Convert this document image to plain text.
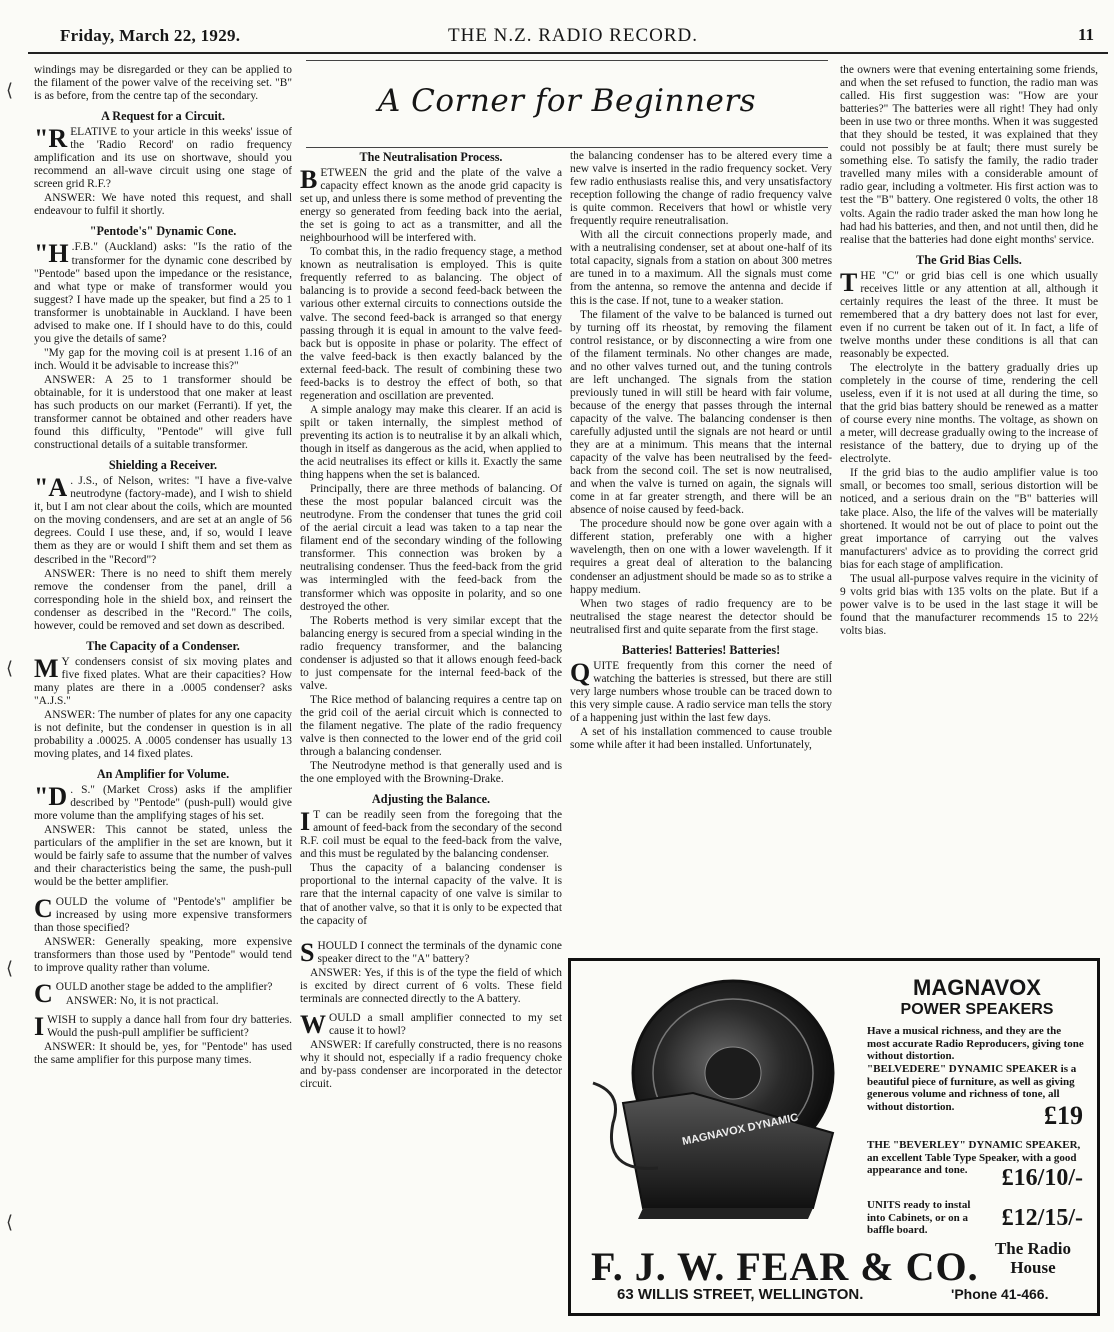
Friday, March 22, 1929.	THE N.Z. RADIO RECORD.	11
⟨
⟨
⟨
⟨
A Corner for Beginners

windings may be disregarded or they can be applied to the filament of the power valve of the receiving set. "B" is as before, from the centre tap of the secondary.

A Request for a Circuit.

"RELATIVE to your article in this weeks' issue of the 'Radio Record' on radio frequency amplification and its use on shortwave, should you recommend an all-wave circuit using one stage of screen grid R.F.?

ANSWER: We have noted this request, and shall endeavour to fulfil it shortly.

"Pentode's" Dynamic Cone.

"H .F.B." (Auckland) asks: "Is the ratio of the transformer for the dynamic cone described by "Pentode" based upon the impedance or the resistance, and what type or make of transformer would you suggest? I have made up the speaker, but find a 25 to 1 transformer is unobtainable in Auckland. I have been advised to make one. If I should have to do this, could you give the details of same?

"My gap for the moving coil is at present 1.16 of an inch. Would it be advisable to increase this?"

ANSWER: A 25 to 1 transformer should be obtainable, for it is understood that one maker at least has such products on our market (Ferranti). If yet, the transformer cannot be obtained and other readers have found this difficulty, "Pentode" will give full constructional details of a suitable transformer.

Shielding a Receiver.

"A . J.S., of Nelson, writes: "I have a five-valve neutrodyne (factory-made), and I wish to shield it, but I am not clear about the coils, which are mounted on the moving condensers, and are set at an angle of 56 degrees. Could I use these, and, if so, would I leave them as they are or would I shift them and set them as described in the "Record"?

ANSWER: There is no need to shift them merely remove the condenser from the panel, drill a corresponding hole in the shield box, and reinsert the condenser as described in the "Record." The coils, however, could be removed and set down as described.

The Capacity of a Condenser.

M Y condensers consist of six moving plates and five fixed plates. What are their capacities? How many plates are there in a .0005 condenser? asks "A.J.S."

ANSWER: The number of plates for any one capacity is not definite, but the condenser in question is in all probability a .00025. A .0005 condenser has usually 13 moving plates, and 14 fixed plates.

An Amplifier for Volume.

"D . S." (Market Cross) asks if the amplifier described by "Pentode" (push-pull) would give more volume than the amplifying stages of his set.

ANSWER: This cannot be stated, unless the particulars of the amplifier in the set are known, but it would be fairly safe to assume that the number of valves and their characteristics being the same, the push-pull would be the better amplifier.

COULD the volume of "Pentode's" amplifier be increased by using more expensive transformers than those specified?

ANSWER: Generally speaking, more expensive transformers than those used by "Pentode" would tend to improve quality rather than volume.

COULD another stage be added to the amplifier?

ANSWER: No, it is not practical.

IWISH to supply a dance hall from four dry batteries. Would the push-pull amplifier be sufficient?

ANSWER: It should be, yes, for "Pentode" has used the same amplifier for this purpose many times.

The Neutralisation Process.

BETWEEN the grid and the plate of the valve a capacity effect known as the anode grid capacity is set up, and unless there is some method of preventing the energy so generated from feeding back into the aerial, the set is going to act as a transmitter, and all the neighbourhood will be interfered with.

To combat this, in the radio frequency stage, a method known as neutralisation is employed. This is quite frequently referred to as balancing. The object of balancing is to provide a second feed-back between the various other external circuits to connections outside the valve. The second feed-back is arranged so that energy passing through it is equal in amount to the valve feed-back but is opposite in phase or polarity. The effect of the valve feed-back is then exactly balanced by the external feed-back. The result of combining these two feed-backs is to destroy the effect of both, so that regeneration and oscillation are prevented.

A simple analogy may make this clearer. If an acid is spilt or taken internally, the simplest method of preventing its action is to neutralise it by an alkali which, though in itself as dangerous as the acid, when applied to the acid neutralises its effect or kills it. Exactly the same thing happens when the set is balanced.

Principally, there are three methods of balancing. Of these the most popular balanced circuit was the neutrodyne. From the condenser that tunes the grid coil of the aerial circuit a lead was taken to a tap near the filament end of the secondary winding of the following transformer. This connection was broken by a neutralising condenser. Thus the feed-back from the grid was intermingled with the feed-back from the transformer which was opposite in polarity, and so one destroyed the other.

The Roberts method is very similar except that the balancing energy is secured from a special winding in the radio frequency transformer, and the balancing condenser is adjusted so that it allows enough feed-back to just compensate for the internal feed-back of the valve.

The Rice method of balancing requires a centre tap on the grid coil of the aerial circuit which is connected to the filament negative. The plate of the radio frequency valve is then connected to the lower end of the grid coil through a balancing condenser.

The Neutrodyne method is that generally used and is the one employed with the Browning-Drake.

Adjusting the Balance.

I T can be readily seen from the foregoing that the amount of feed-back from the secondary of the second R.F. coil must be equal to the feed-back from the valve, and this must be regulated by the balancing condenser.

Thus the capacity of a balancing condenser is proportional to the internal capacity of the valve. It is rare that the internal capacity of one valve is similar to that of another valve, so that it is only to be expected that the capacity of

SHOULD I connect the terminals of the dynamic cone speaker direct to the "A" battery?

ANSWER: Yes, if this is of the type the field of which is excited by direct current of 6 volts. These field terminals are connected directly to the A battery.

WOULD a small amplifier connected to my set cause it to howl?

ANSWER: If carefully constructed, there is no reasons why it should not, especially if a radio frequency choke and by-pass condenser are incorporated in the detector circuit.

the balancing condenser has to be altered every time a new valve is inserted in the radio frequency socket. Very few radio enthusiasts realise this, and very unsatisfactory reception following the change of radio frequency valve is quite common. Receivers that howl or whistle very frequently require reneutralisation.

With all the circuit connections properly made, and with a neutralising condenser, set at about one-half of its total capacity, signals from a station on about 300 metres are tuned in to a maximum. All the signals must come from the antenna, so remove the antenna and decide if this is the case. If not, tune to a weaker station.

The filament of the valve to be balanced is turned out by turning off its rheostat, by removing the filament control resistance, or by disconnecting a wire from one of the filament terminals. No other changes are made, and no other valves turned out, and the tuning controls are left unchanged. The signals from the station previously tuned in will still be heard with fair volume, because of the energy that passes through the internal capacity of the valve. The balancing condenser is then carefully adjusted until the signals are not heard or until they are at a minimum. This means that the internal capacity of the valve has been neutralised by the feed-back from the second coil. The set is now neutralised, and when the valve is turned on again, the signals will come in at far greater strength, and there will be an absence of noise caused by feed-back.

The procedure should now be gone over again with a different station, preferably one with a higher wavelength, then on one with a lower wavelength. If it requires a great deal of alteration to the balancing condenser an adjustment should be made so as to strike a happy medium.

When two stages of radio frequency are to be neutralised the stage nearest the detector should be neutralised first and quite separate from the first stage.

Batteries! Batteries! Batteries!

QUITE frequently from this corner the need of watching the batteries is stressed, but there are still very large numbers whose trouble can be traced down to this very simple cause. A radio service man tells the story of a happening just within the last few days.

A set of his installation commenced to cause trouble some while after it had been installed. Unfortunately,

the owners were that evening entertaining some friends, and when the set refused to function, the radio man was called. His first suggestion was: "How are your batteries?" The batteries were all right! They had only been in use two or three months. When it was suggested that they should be tested, it was explained that they could not possibly be at fault; there must surely be something else. To satisfy the family, the radio trader travelled many miles with a considerable amount of radio gear, including a voltmeter. His first action was to test the "B" battery. One registered 0 volts, the other 18 volts. Again the radio trader asked the man how long he had had his batteries, and then, and not until then, did he realise that the batteries had done eight months' service.

The Grid Bias Cells.

THE "C" or grid bias cell is one which usually receives little or any attention at all, although it certainly requires the least of the three. It must be remembered that a dry battery does not last for ever, even if no current be taken out of it. In fact, a life of twelve months under these conditions is all that can reasonably be expected.

The electrolyte in the battery gradually dries up completely in the course of time, rendering the cell useless, even if it is not used at all during the time, so that the grid bias battery should be renewed as a matter of course every nine months. The voltage, as shown on a meter, will decrease gradually owing to the increase of resistance of the battery, due to drying up of the electrolyte.

If the grid bias to the audio amplifier value is too small, or becomes too small, serious distortion will be noticed, and a serious drain on the "B" batteries will take place. Also, the life of the valves will be materially shortened. It would not be out of place to point out the great importance of carrying out the valves manufacturers' advice as to providing the correct grid bias for each stage of amplification.

The usual all-purpose valves require in the vicinity of 9 volts grid bias with 135 volts on the plate. But if a power valve is to be used in the last stage it will be found that the manufacturer recommends 15 to 22½ volts bias.

MAGNAVOX DYNAMIC
MAGNAVOX
POWER SPEAKERS
Have a musical richness, and they are the most accurate Radio Reproducers, giving tone without distortion.
"BELVEDERE" DYNAMIC SPEAKER is a beautiful piece of furniture, as well as giving generous volume and richness of tone, all without distortion.	£19
THE "BEVERLEY" DYNAMIC SPEAKER, an excellent Table Type Speaker, with a good appearance and tone.	£16/10/-
UNITS ready to instal into Cabinets, or on a baffle board.	£12/15/-
F. J. W. FEAR & CO.
63 WILLIS STREET, WELLINGTON.
The Radio House
'Phone 41-466.
